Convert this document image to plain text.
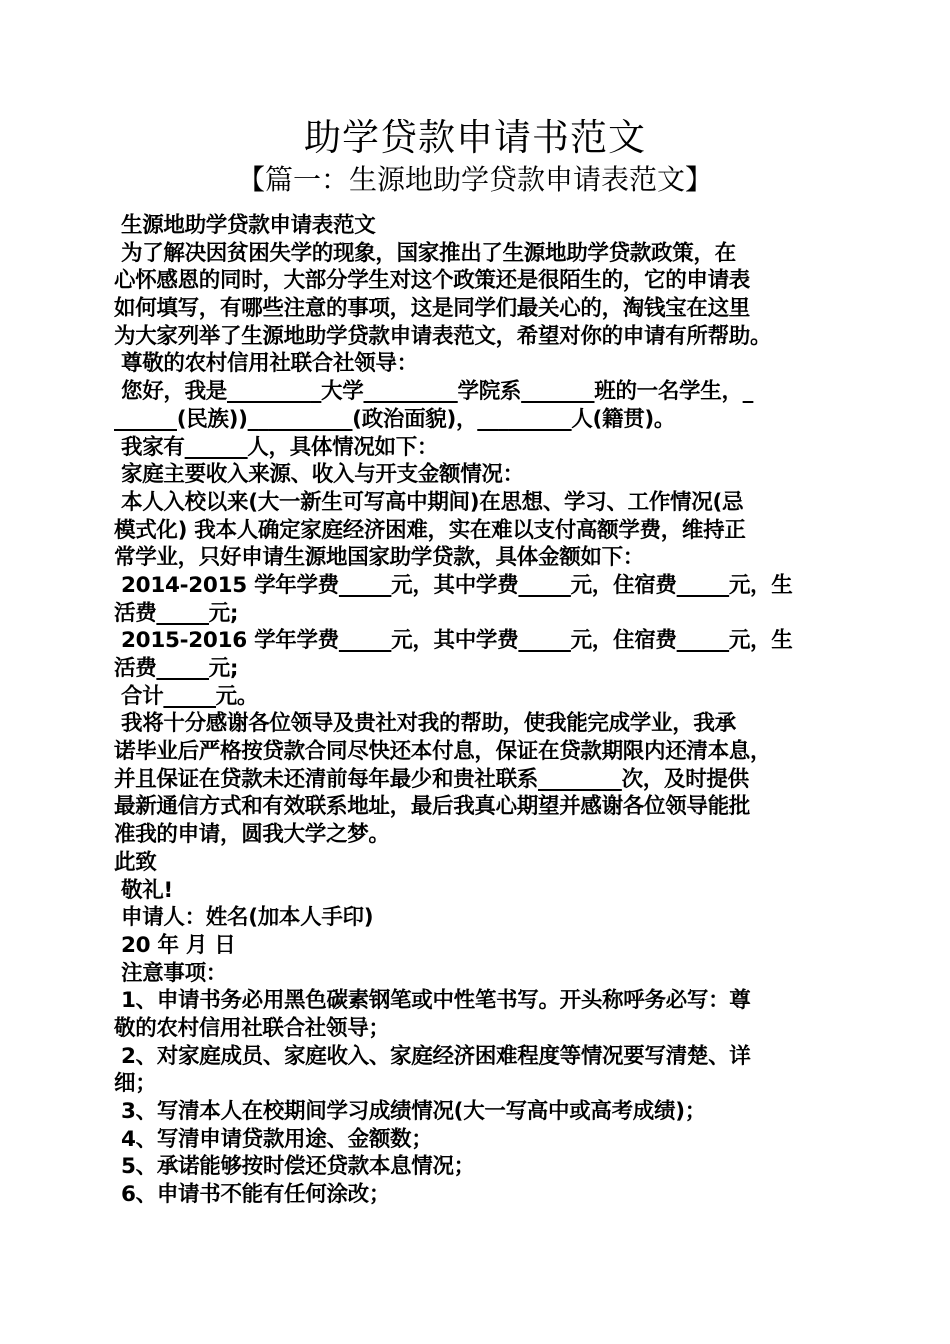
助学贷款申请书范文
【篇一：生源地助学贷款申请表范文】
生源地助学贷款申请表范文
为了解决因贫困失学的现象，国家推出了生源地助学贷款政策，在
心怀感恩的同时，大部分学生对这个政策还是很陌生的，它的申请表
如何填写，有哪些注意的事项，这是同学们最关心的，淘钱宝在这里
为大家列举了生源地助学贷款申请表范文，希望对你的申请有所帮助。
尊敬的农村信用社联合社领导：
您好，我是_________大学_________学院系_______班的一名学生，_
______(民族))__________(政治面貌)，_________人(籍贯)。
我家有______人，具体情况如下：
家庭主要收入来源、收入与开支金额情况：
本人入校以来(大一新生可写高中期间)在思想、学习、工作情况(忌
模式化) 我本人确定家庭经济困难，实在难以支付高额学费，维持正
常学业，只好申请生源地国家助学贷款，具体金额如下：
2014-2015 学年学费_____元，其中学费_____元，住宿费_____元，生
活费_____元;
2015-2016 学年学费_____元，其中学费_____元，住宿费_____元，生
活费_____元;
合计_____元。
我将十分感谢各位领导及贵社对我的帮助，使我能完成学业，我承
诺毕业后严格按贷款合同尽快还本付息，保证在贷款期限内还清本息，
并且保证在贷款未还清前每年最少和贵社联系________次，及时提供
最新通信方式和有效联系地址，最后我真心期望并感谢各位领导能批
准我的申请，圆我大学之梦。
此致
敬礼!
申请人：姓名(加本人手印)
20 年 月 日
注意事项：
1、申请书务必用黑色碳素钢笔或中性笔书写。开头称呼务必写：尊
敬的农村信用社联合社领导；
2、对家庭成员、家庭收入、家庭经济困难程度等情况要写清楚、详
细；
3、写清本人在校期间学习成绩情况(大一写高中或高考成绩)；
4、写清申请贷款用途、金额数；
5、承诺能够按时偿还贷款本息情况；
6、申请书不能有任何涂改；
